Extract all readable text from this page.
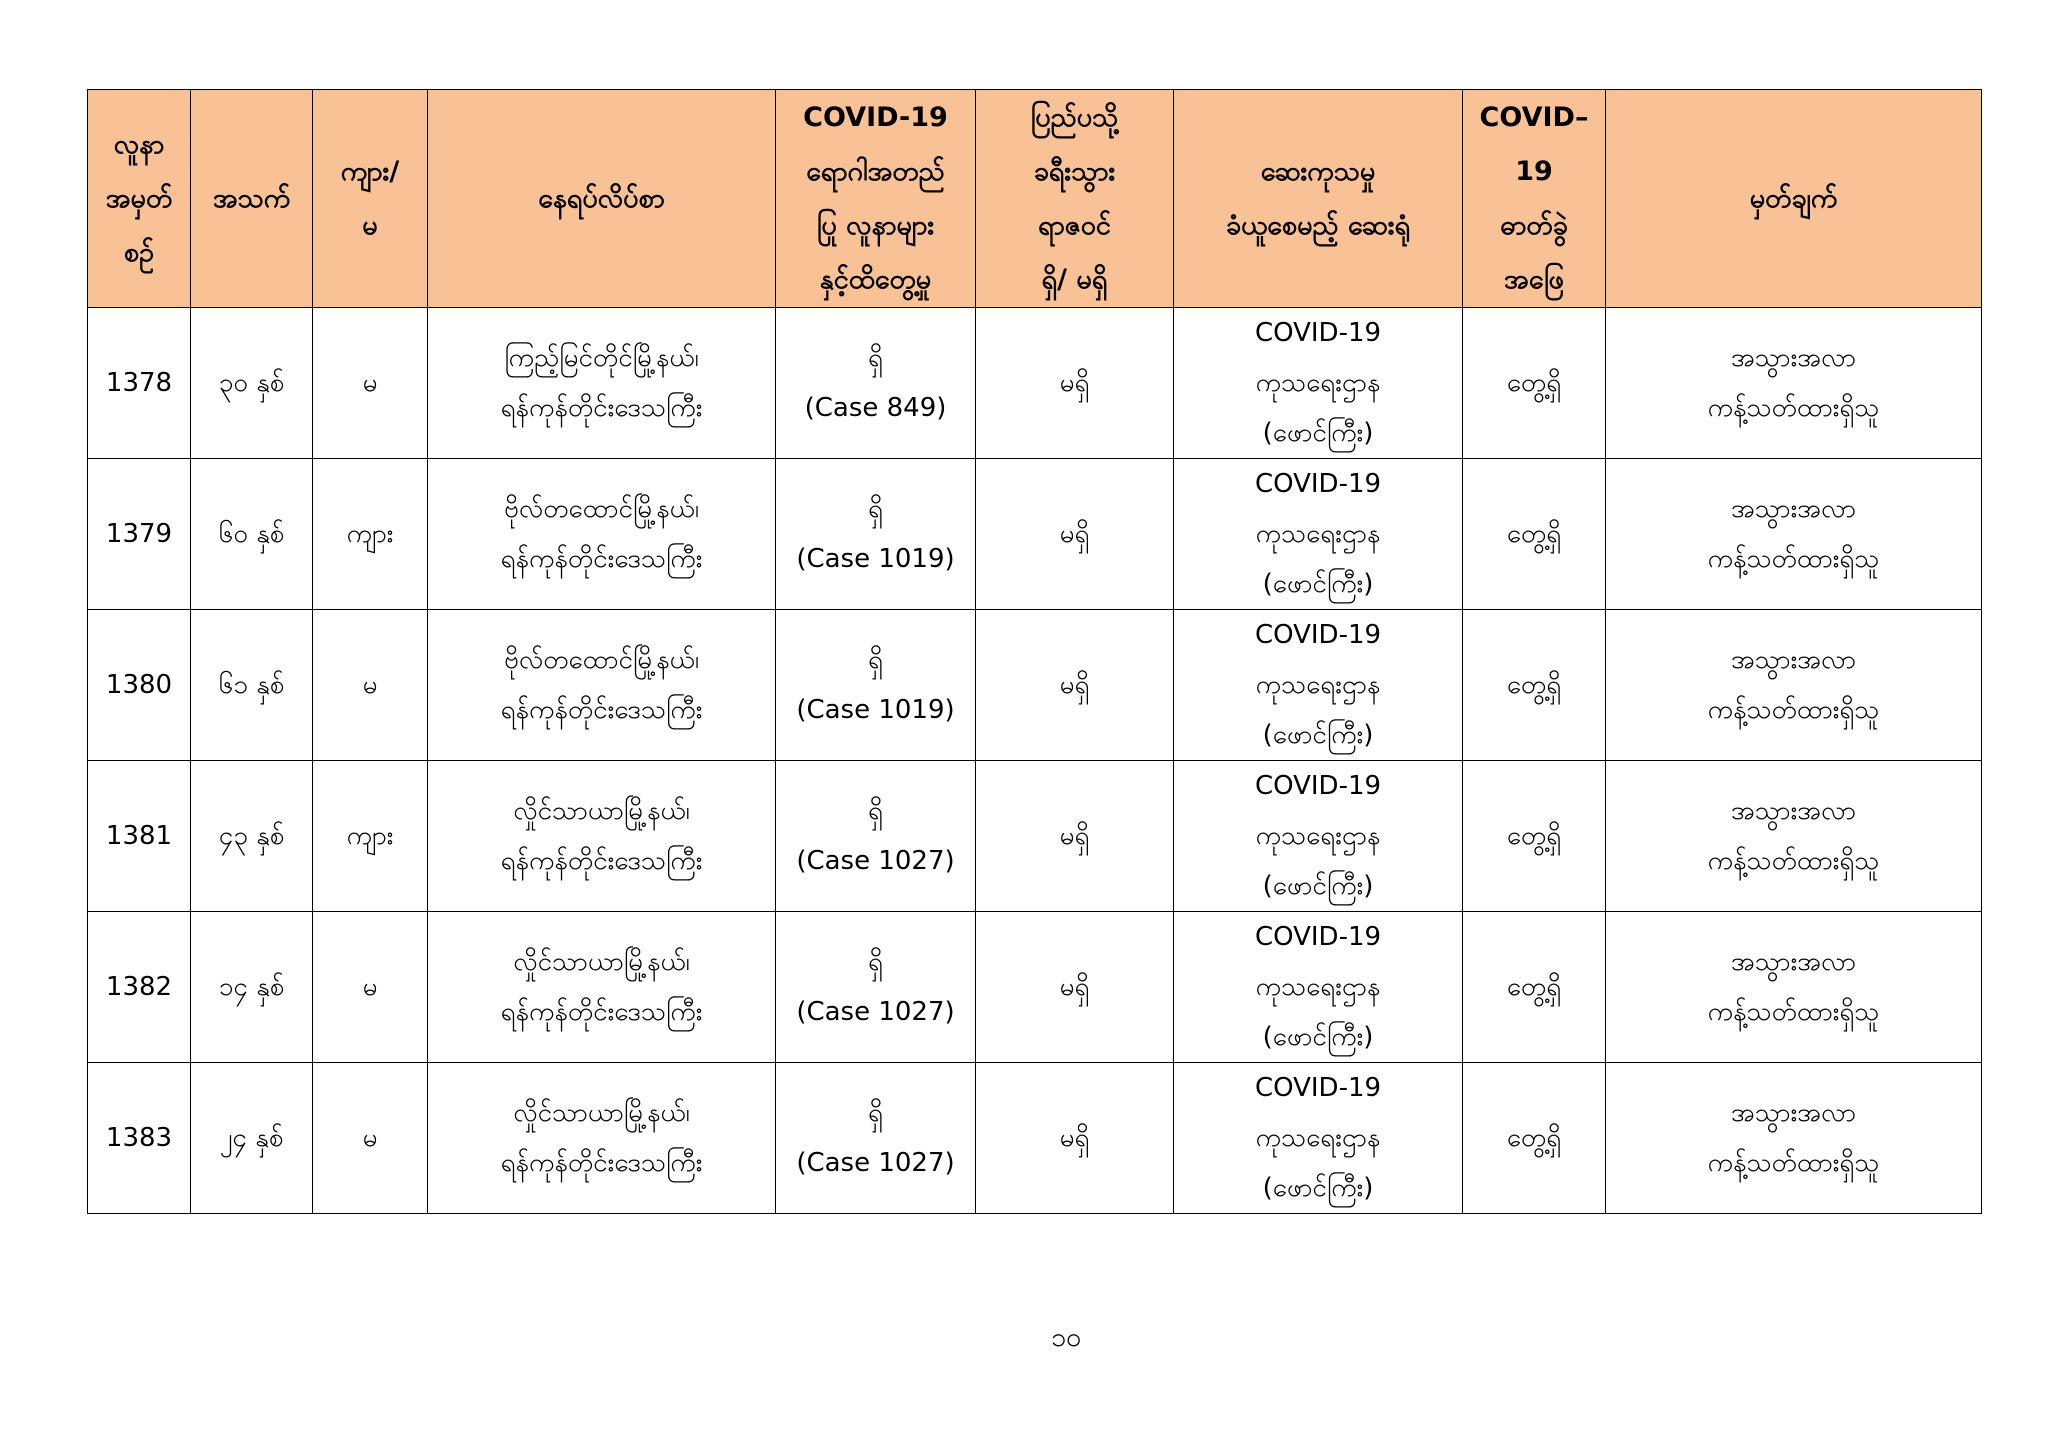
လူနာ
အမှတ်
စဉ်	အသက်	ကျား/
မ	နေရပ်လိပ်စာ	COVID-19
ရောဂါအတည်
ပြု လူနာများ
နှင့်ထိတွေ့မှု	ပြည်ပသို့
ခရီးသွား
ရာဇဝင်
ရှိ/ မရှိ	ဆေးကုသမှု
ခံယူစေမည့် ဆေးရုံ	COVID–
19
ဓာတ်ခွဲ
အဖြေ	မှတ်ချက်

1378	၃၀ နှစ်	မ	ကြည့်မြင်တိုင်မြို့နယ်၊
ရန်ကုန်တိုင်းဒေသကြီး	ရှိ
(Case 849)	မရှိ	COVID-19
ကုသရေးဌာန
(ဖောင်ကြီး)	တွေ့ရှိ	အသွားအလာ
ကန့်သတ်ထားရှိသူ

1379	၆၀ နှစ်	ကျား	ဗိုလ်တထောင်မြို့နယ်၊
ရန်ကုန်တိုင်းဒေသကြီး	ရှိ
(Case 1019)	မရှိ	COVID-19
ကုသရေးဌာန
(ဖောင်ကြီး)	တွေ့ရှိ	အသွားအလာ
ကန့်သတ်ထားရှိသူ

1380	၆၁ နှစ်	မ	ဗိုလ်တထောင်မြို့နယ်၊
ရန်ကုန်တိုင်းဒေသကြီး	ရှိ
(Case 1019)	မရှိ	COVID-19
ကုသရေးဌာန
(ဖောင်ကြီး)	တွေ့ရှိ	အသွားအလာ
ကန့်သတ်ထားရှိသူ

1381	၄၃ နှစ်	ကျား	လှိုင်သာယာမြို့နယ်၊
ရန်ကုန်တိုင်းဒေသကြီး	ရှိ
(Case 1027)	မရှိ	COVID-19
ကုသရေးဌာန
(ဖောင်ကြီး)	တွေ့ရှိ	အသွားအလာ
ကန့်သတ်ထားရှိသူ

1382	၁၄ နှစ်	မ	လှိုင်သာယာမြို့နယ်၊
ရန်ကုန်တိုင်းဒေသကြီး	ရှိ
(Case 1027)	မရှိ	COVID-19
ကုသရေးဌာန
(ဖောင်ကြီး)	တွေ့ရှိ	အသွားအလာ
ကန့်သတ်ထားရှိသူ

1383	၂၄ နှစ်	မ	လှိုင်သာယာမြို့နယ်၊
ရန်ကုန်တိုင်းဒေသကြီး	ရှိ
(Case 1027)	မရှိ	COVID-19
ကုသရေးဌာန
(ဖောင်ကြီး)	တွေ့ရှိ	အသွားအလာ
ကန့်သတ်ထားရှိသူ
၁၀
